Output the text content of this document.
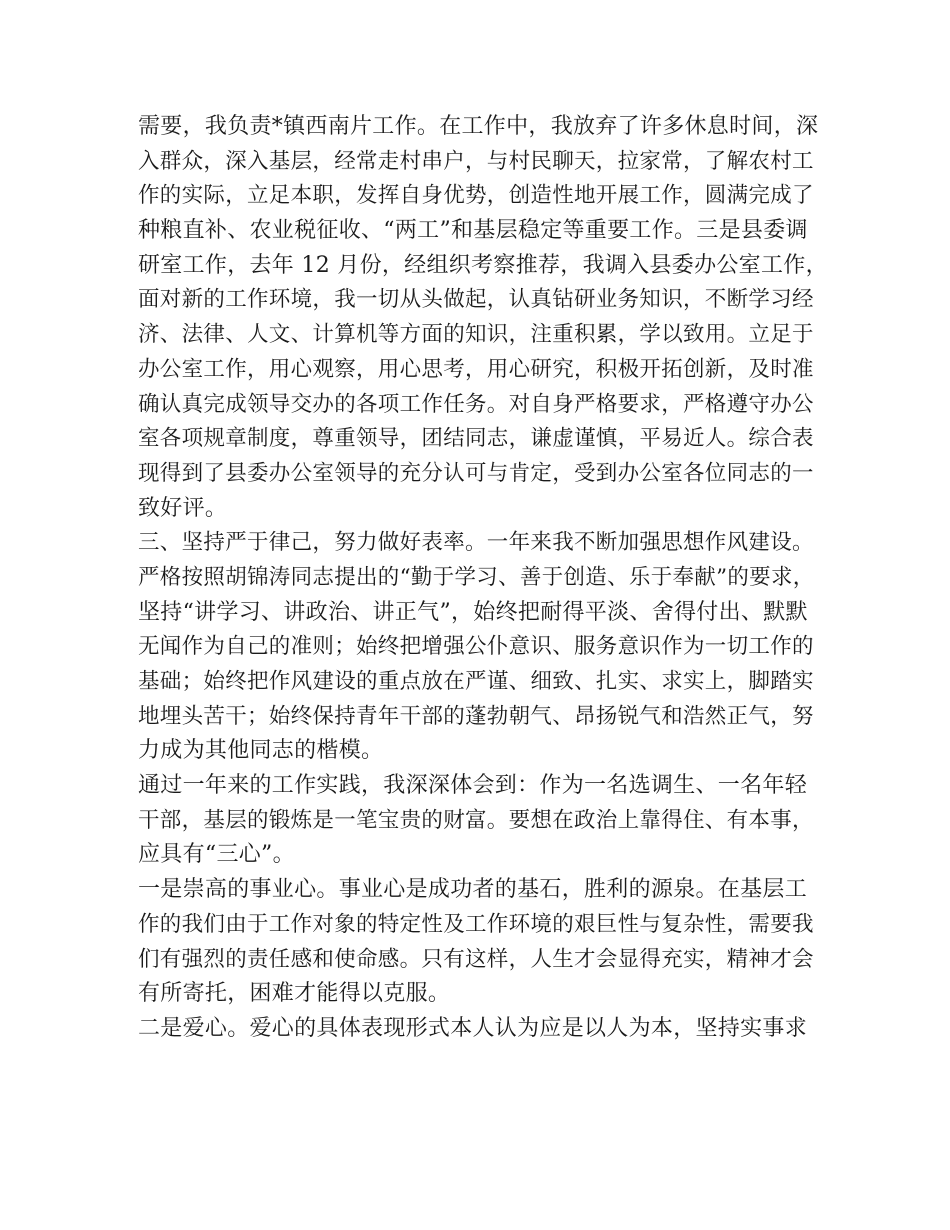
需要，我负责*镇西南片工作。在工作中，我放弃了许多休息时间，深
入群众，深入基层，经常走村串户，与村民聊天，拉家常，了解农村工
作的实际，立足本职，发挥自身优势，创造性地开展工作，圆满完成了
种粮直补、农业税征收、“两工”和基层稳定等重要工作。三是县委调
研室工作，去年 12 月份，经组织考察推荐，我调入县委办公室工作，
面对新的工作环境，我一切从头做起，认真钻研业务知识，不断学习经
济、法律、人文、计算机等方面的知识，注重积累，学以致用。立足于
办公室工作，用心观察，用心思考，用心研究，积极开拓创新，及时准
确认真完成领导交办的各项工作任务。对自身严格要求，严格遵守办公
室各项规章制度，尊重领导，团结同志，谦虚谨慎，平易近人。综合表
现得到了县委办公室领导的充分认可与肯定，受到办公室各位同志的一
致好评。
三、坚持严于律己，努力做好表率。一年来我不断加强思想作风建设。
严格按照胡锦涛同志提出的“勤于学习、善于创造、乐于奉献”的要求，
坚持“讲学习、讲政治、讲正气”，始终把耐得平淡、舍得付出、默默
无闻作为自己的准则；始终把增强公仆意识、服务意识作为一切工作的
基础；始终把作风建设的重点放在严谨、细致、扎实、求实上，脚踏实
地埋头苦干；始终保持青年干部的蓬勃朝气、昂扬锐气和浩然正气，努
力成为其他同志的楷模。
通过一年来的工作实践，我深深体会到：作为一名选调生、一名年轻
干部，基层的锻炼是一笔宝贵的财富。要想在政治上靠得住、有本事，
应具有“三心”。
一是崇高的事业心。事业心是成功者的基石，胜利的源泉。在基层工
作的我们由于工作对象的特定性及工作环境的艰巨性与复杂性，需要我
们有强烈的责任感和使命感。只有这样，人生才会显得充实，精神才会
有所寄托，困难才能得以克服。
二是爱心。爱心的具体表现形式本人认为应是以人为本，坚持实事求
